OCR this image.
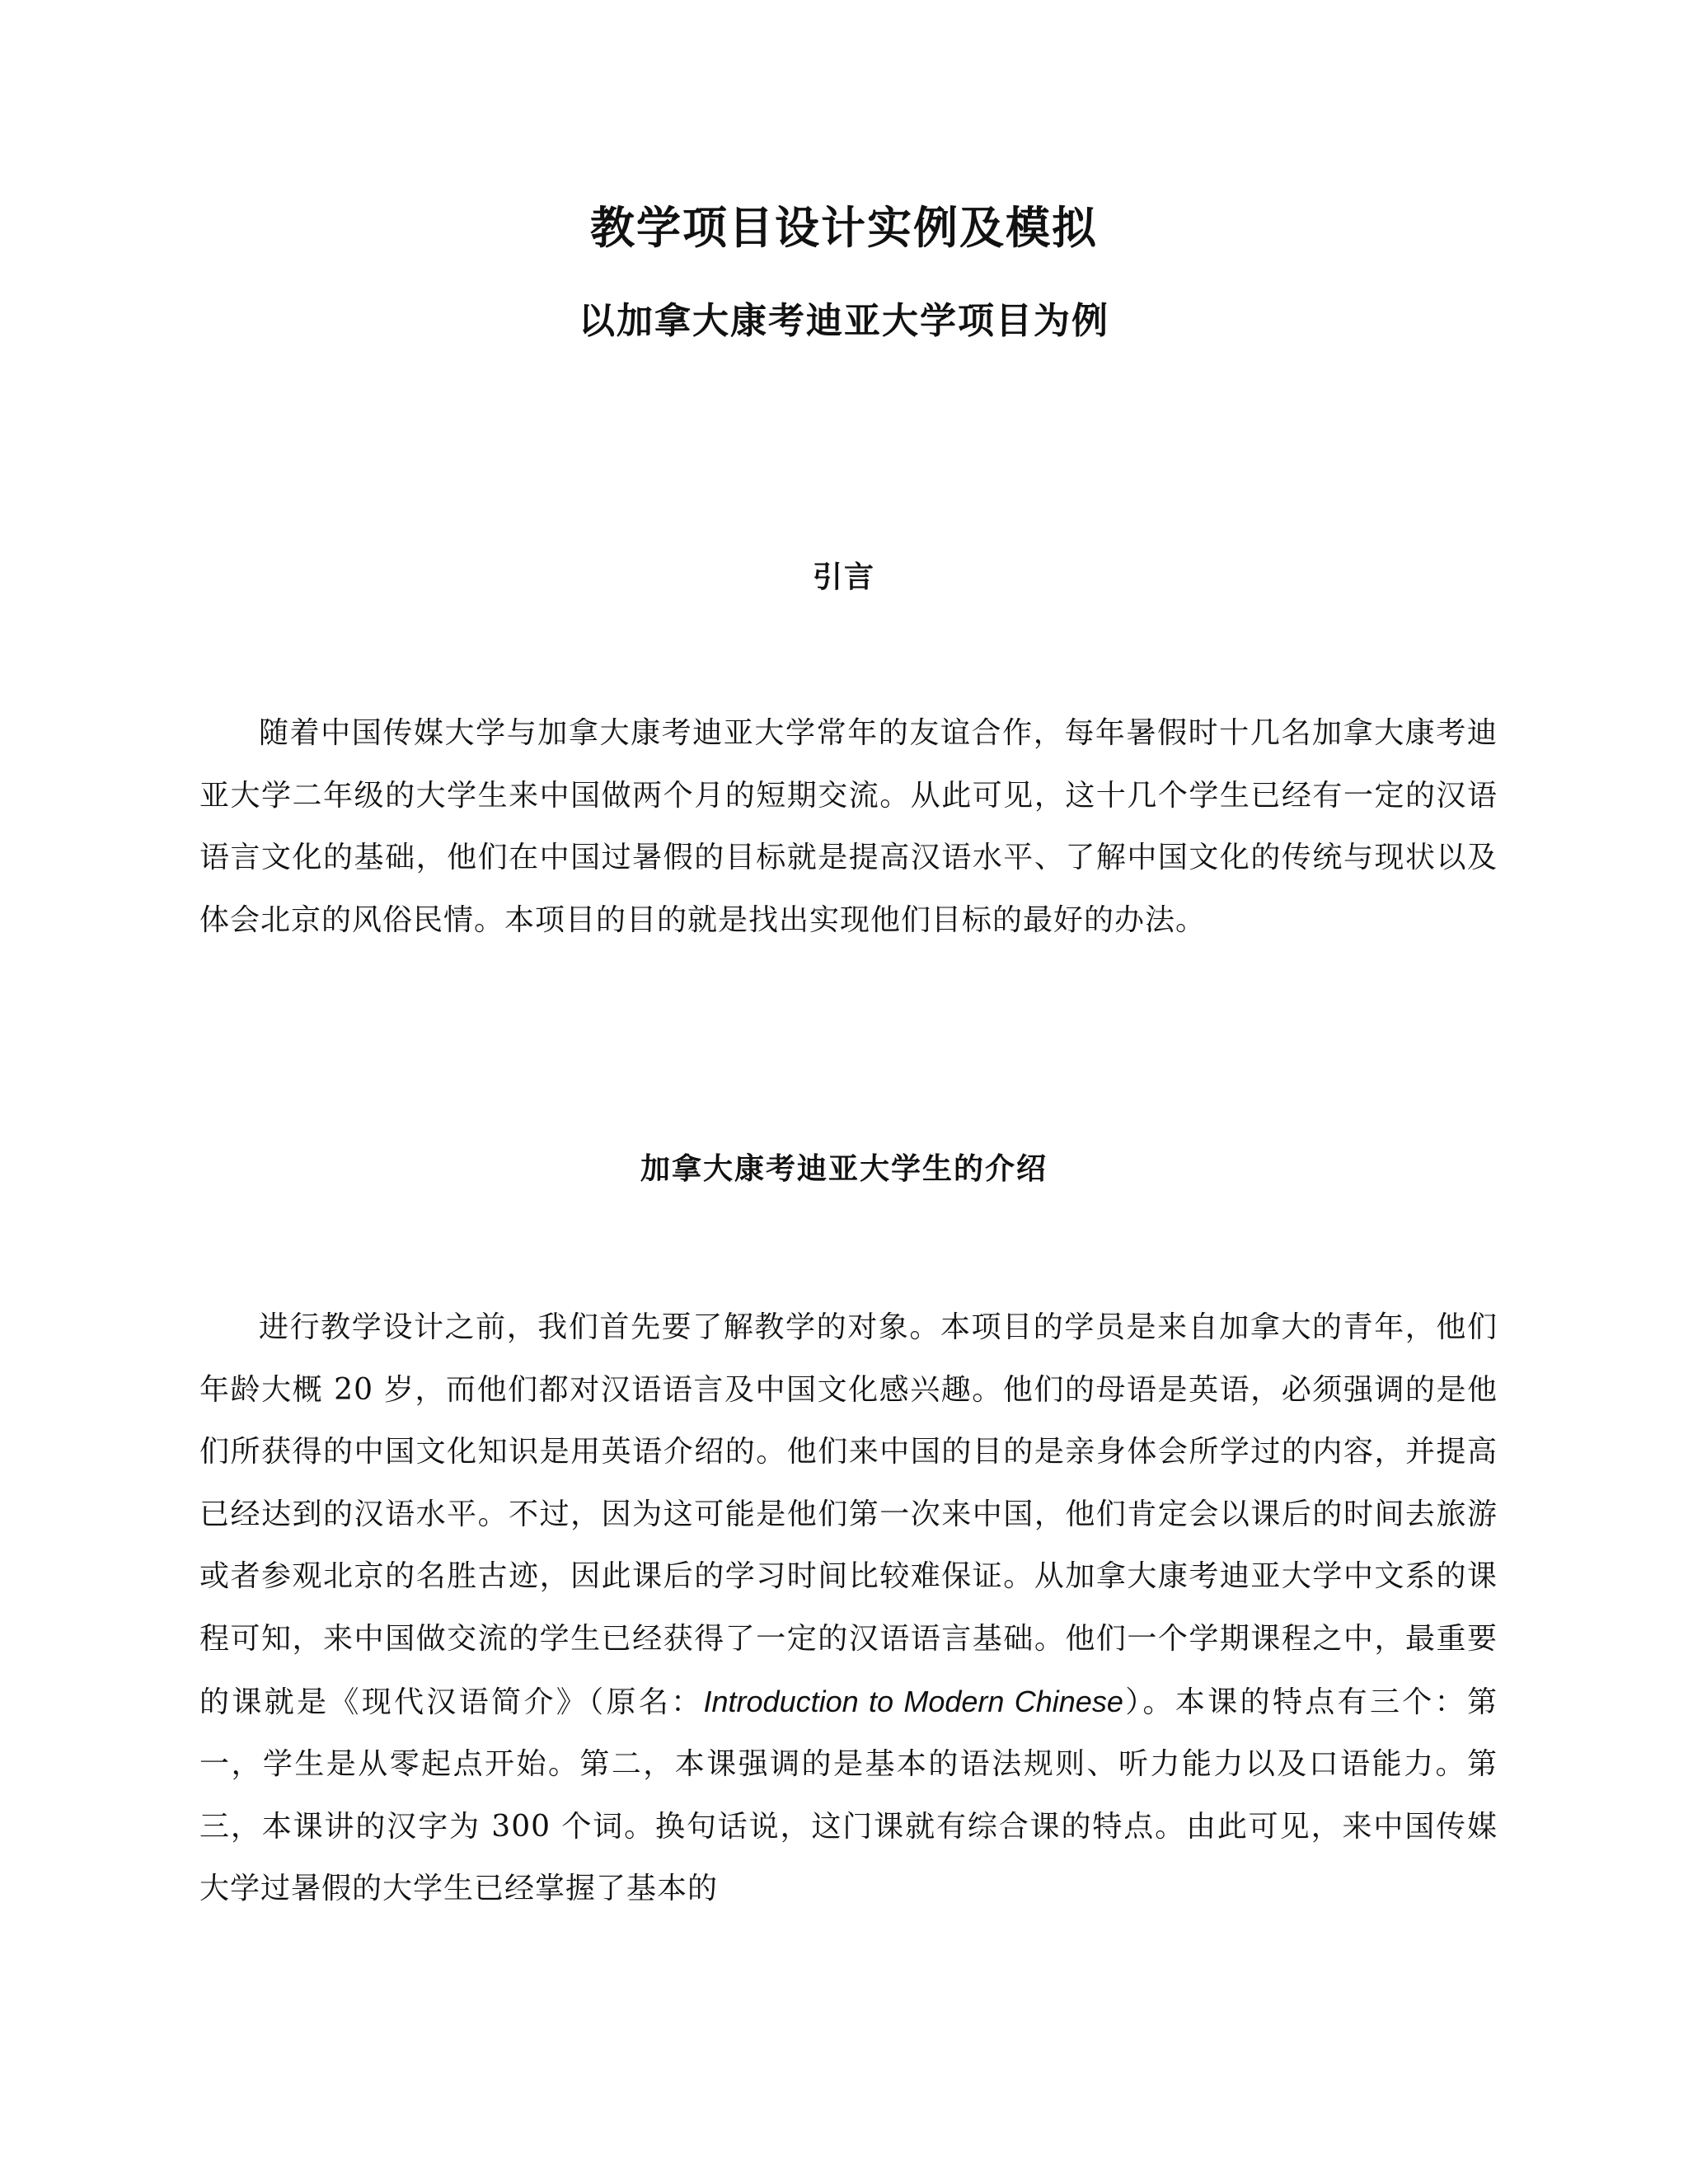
教学项目设计实例及模拟
以加拿大康考迪亚大学项目为例
引言

随着中国传媒大学与加拿大康考迪亚大学常年的友谊合作，每年暑假时十几名加拿大康考迪亚大学二年级的大学生来中国做两个月的短期交流。从此可见，这十几个学生已经有一定的汉语语言文化的基础，他们在中国过暑假的目标就是提高汉语水平、了解中国文化的传统与现状以及体会北京的风俗民情。本项目的目的就是找出实现他们目标的最好的办法。

加拿大康考迪亚大学生的介绍

进行教学设计之前，我们首先要了解教学的对象。本项目的学员是来自加拿大的青年，他们年龄大概 20 岁，而他们都对汉语语言及中国文化感兴趣。他们的母语是英语，必须强调的是他们所获得的中国文化知识是用英语介绍的。他们来中国的目的是亲身体会所学过的内容，并提高已经达到的汉语水平。不过，因为这可能是他们第一次来中国，他们肯定会以课后的时间去旅游或者参观北京的名胜古迹，因此课后的学习时间比较难保证。从加拿大康考迪亚大学中文系的课程可知，来中国做交流的学生已经获得了一定的汉语语言基础。他们一个学期课程之中，最重要的课就是《现代汉语简介》（原名：Introduction to Modern Chinese）。本课的特点有三个：第一，学生是从零起点开始。第二，本课强调的是基本的语法规则、听力能力以及口语能力。第三，本课讲的汉字为 300 个词。换句话说，这门课就有综合课的特点。由此可见，来中国传媒大学过暑假的大学生已经掌握了基本的
